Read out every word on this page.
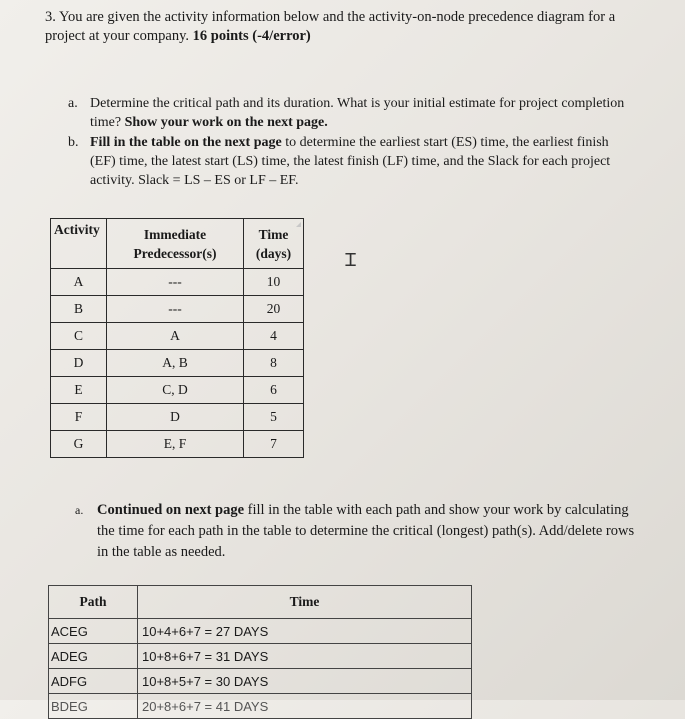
3. You are given the activity information below and the activity-on-node precedence diagram for a project at your company. 16 points (-4/error)
a. Determine the critical path and its duration. What is your initial estimate for project completion time? Show your work on the next page.
b. Fill in the table on the next page to determine the earliest start (ES) time, the earliest finish (EF) time, the latest start (LS) time, the latest finish (LF) time, and the Slack for each project activity. Slack = LS – ES or LF – EF.
Activity	Immediate Predecessor(s)	Time (days)

A	---	10
B	---	20
C	A	4
D	A, B	8
E	C, D	6
F	D	5
G	E, F	7
Ꮖ
a. Continued on next page fill in the table with each path and show your work by calculating the time for each path in the table to determine the critical (longest) path(s). Add/delete rows in the table as needed.
Path	Time
ACEG	10+4+6+7 = 27 DAYS
ADEG	10+8+6+7 = 31 DAYS
ADFG	10+8+5+7 = 30 DAYS
BDEG	20+8+6+7 = 41 DAYS
